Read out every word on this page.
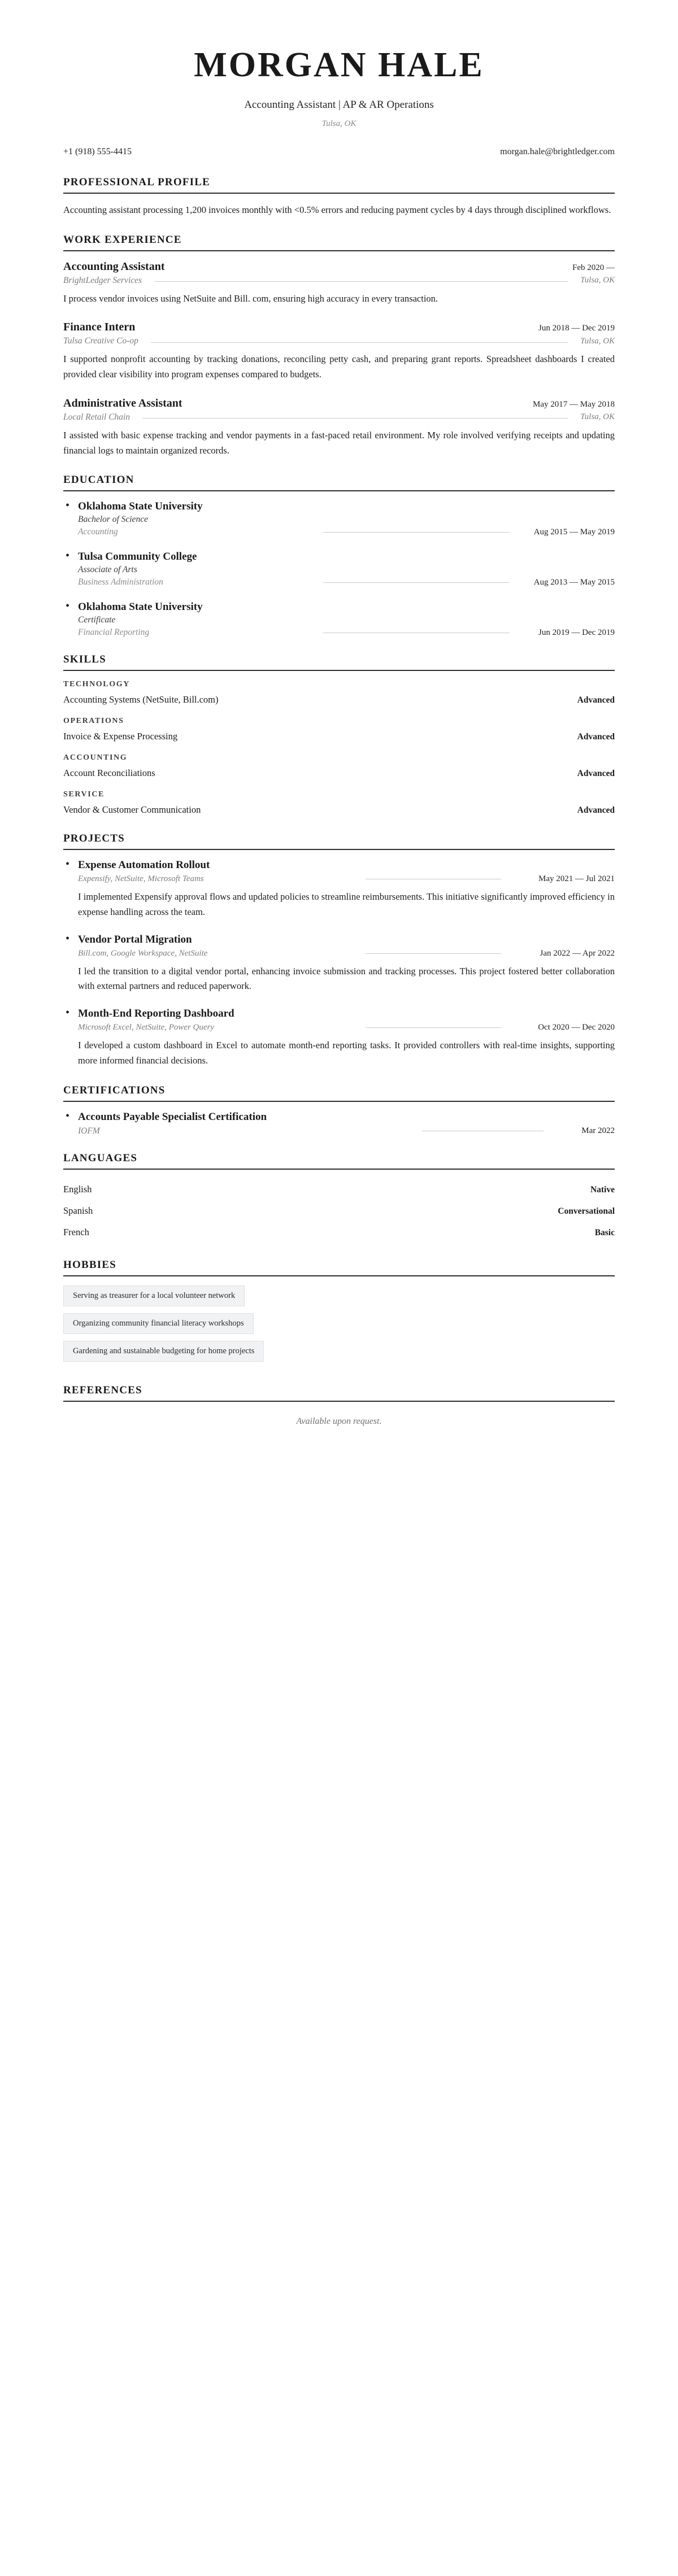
MORGAN HALE
Accounting Assistant | AP & AR Operations
Tulsa, OK
+1 (918) 555-4415	morgan.hale@brightledger.com
PROFESSIONAL PROFILE
Accounting assistant processing 1,200 invoices monthly with <0.5% errors and reducing payment cycles by 4 days through disciplined workflows.
WORK EXPERIENCE
Accounting Assistant	Feb 2020 —
BrightLedger Services	Tulsa, OK
I process vendor invoices using NetSuite and Bill. com, ensuring high accuracy in every transaction.
Finance Intern	Jun 2018 — Dec 2019
Tulsa Creative Co-op	Tulsa, OK
I supported nonprofit accounting by tracking donations, reconciling petty cash, and preparing grant reports. Spreadsheet dashboards I created provided clear visibility into program expenses compared to budgets.
Administrative Assistant	May 2017 — May 2018
Local Retail Chain	Tulsa, OK
I assisted with basic expense tracking and vendor payments in a fast-paced retail environment. My role involved verifying receipts and updating financial logs to maintain organized records.
EDUCATION
• Oklahoma State University
Bachelor of Science
Accounting	Aug 2015 — May 2019
• Tulsa Community College
Associate of Arts
Business Administration	Aug 2013 — May 2015
• Oklahoma State University
Certificate
Financial Reporting	Jun 2019 — Dec 2019
SKILLS
TECHNOLOGY
Accounting Systems (NetSuite, Bill.com)	Advanced
OPERATIONS
Invoice & Expense Processing	Advanced
ACCOUNTING
Account Reconciliations	Advanced
SERVICE
Vendor & Customer Communication	Advanced
PROJECTS
• Expense Automation Rollout
Expensify, NetSuite, Microsoft Teams	May 2021 — Jul 2021
I implemented Expensify approval flows and updated policies to streamline reimbursements. This initiative significantly improved efficiency in expense handling across the team.
• Vendor Portal Migration
Bill.com, Google Workspace, NetSuite	Jan 2022 — Apr 2022
I led the transition to a digital vendor portal, enhancing invoice submission and tracking processes. This project fostered better collaboration with external partners and reduced paperwork.
• Month-End Reporting Dashboard
Microsoft Excel, NetSuite, Power Query	Oct 2020 — Dec 2020
I developed a custom dashboard in Excel to automate month-end reporting tasks. It provided controllers with real-time insights, supporting more informed financial decisions.
CERTIFICATIONS
• Accounts Payable Specialist Certification
IOFM	Mar 2022
LANGUAGES
English	Native
Spanish	Conversational
French	Basic
HOBBIES
Serving as treasurer for a local volunteer network
Organizing community financial literacy workshops
Gardening and sustainable budgeting for home projects
REFERENCES
Available upon request.
